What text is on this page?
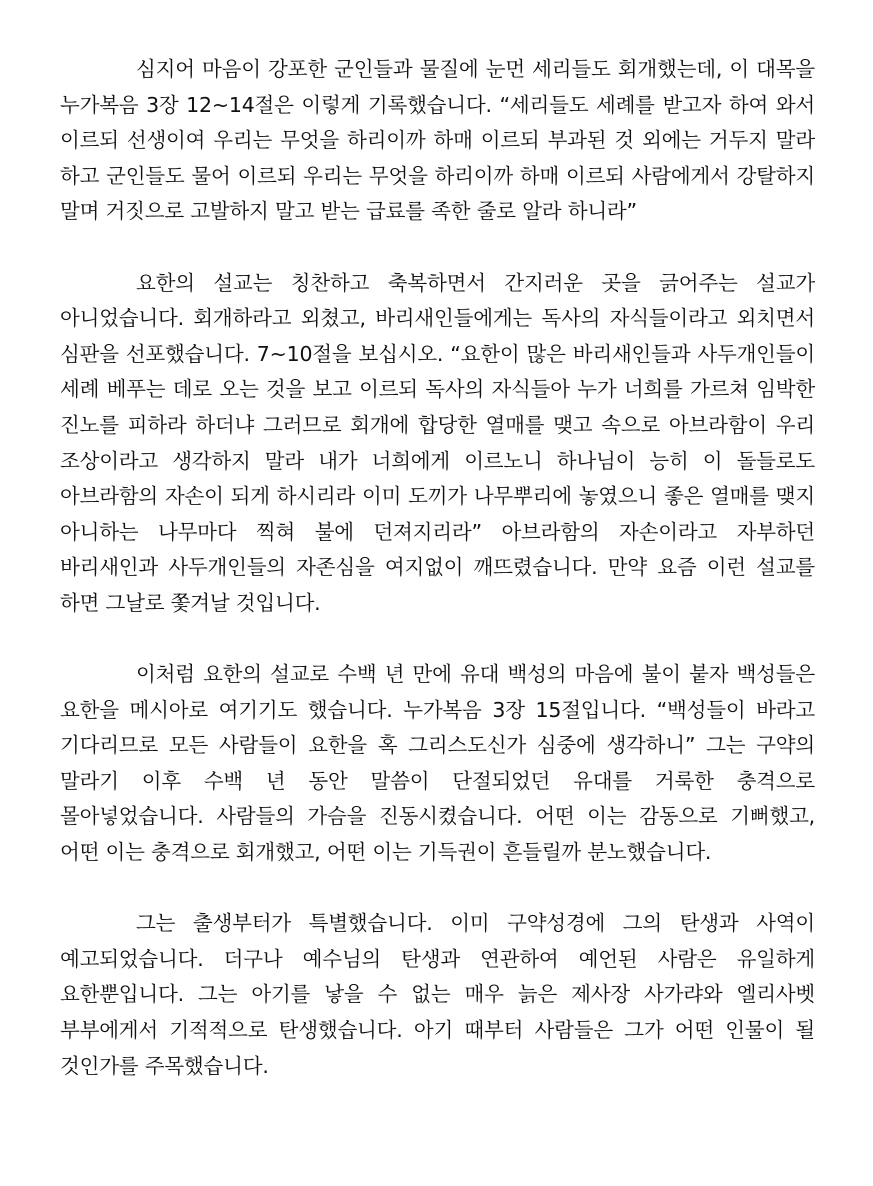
심지어 마음이 강포한 군인들과 물질에 눈먼 세리들도 회개했는데, 이 대목을 누가복음 3장 12~14절은 이렇게 기록했습니다. “세리들도 세례를 받고자 하여 와서 이르되 선생이여 우리는 무엇을 하리이까 하매 이르되 부과된 것 외에는 거두지 말라 하고 군인들도 물어 이르되 우리는 무엇을 하리이까 하매 이르되 사람에게서 강탈하지 말며 거짓으로 고발하지 말고 받는 급료를 족한 줄로 알라 하니라”

요한의 설교는 칭찬하고 축복하면서 간지러운 곳을 긁어주는 설교가 아니었습니다. 회개하라고 외쳤고, 바리새인들에게는 독사의 자식들이라고 외치면서 심판을 선포했습니다. 7~10절을 보십시오. “요한이 많은 바리새인들과 사두개인들이 세례 베푸는 데로 오는 것을 보고 이르되 독사의 자식들아 누가 너희를 가르쳐 임박한 진노를 피하라 하더냐 그러므로 회개에 합당한 열매를 맺고 속으로 아브라함이 우리 조상이라고 생각하지 말라 내가 너희에게 이르노니 하나님이 능히 이 돌들로도 아브라함의 자손이 되게 하시리라 이미 도끼가 나무뿌리에 놓였으니 좋은 열매를 맺지 아니하는 나무마다 찍혀 불에 던져지리라” 아브라함의 자손이라고 자부하던 바리새인과 사두개인들의 자존심을 여지없이 깨뜨렸습니다. 만약 요즘 이런 설교를 하면 그날로 쫓겨날 것입니다.

이처럼 요한의 설교로 수백 년 만에 유대 백성의 마음에 불이 붙자 백성들은 요한을 메시아로 여기기도 했습니다. 누가복음 3장 15절입니다. “백성들이 바라고 기다리므로 모든 사람들이 요한을 혹 그리스도신가 심중에 생각하니” 그는 구약의 말라기 이후 수백 년 동안 말씀이 단절되었던 유대를 거룩한 충격으로 몰아넣었습니다. 사람들의 가슴을 진동시켰습니다. 어떤 이는 감동으로 기뻐했고, 어떤 이는 충격으로 회개했고, 어떤 이는 기득권이 흔들릴까 분노했습니다.

그는 출생부터가 특별했습니다. 이미 구약성경에 그의 탄생과 사역이 예고되었습니다. 더구나 예수님의 탄생과 연관하여 예언된 사람은 유일하게 요한뿐입니다. 그는 아기를 낳을 수 없는 매우 늙은 제사장 사가랴와 엘리사벳 부부에게서 기적적으로 탄생했습니다. 아기 때부터 사람들은 그가 어떤 인물이 될 것인가를 주목했습니다.
